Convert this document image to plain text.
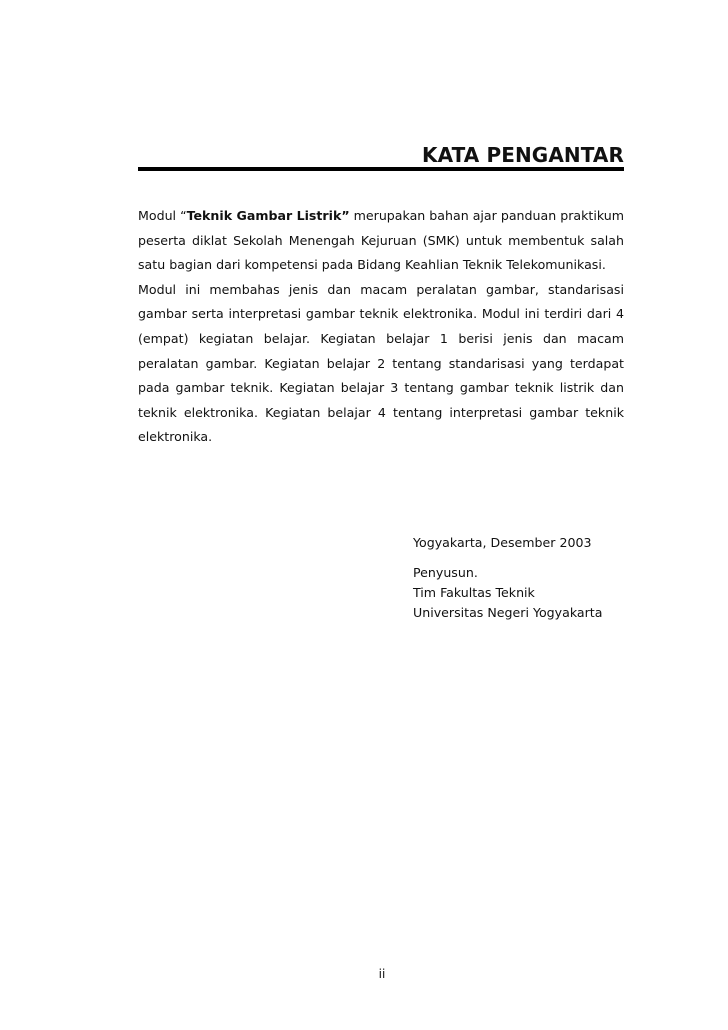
KATA PENGANTAR

Modul “Teknik Gambar Listrik” merupakan bahan ajar panduan praktikum peserta diklat Sekolah Menengah Kejuruan (SMK) untuk membentuk salah satu bagian dari kompetensi pada Bidang Keahlian Teknik Telekomunikasi.

Modul ini membahas jenis dan macam peralatan gambar, standarisasi gambar serta interpretasi gambar teknik elektronika. Modul ini terdiri dari 4 (empat) kegiatan belajar. Kegiatan belajar 1 berisi jenis dan macam peralatan gambar. Kegiatan belajar 2 tentang standarisasi yang terdapat pada gambar teknik. Kegiatan belajar 3 tentang gambar teknik listrik dan teknik elektronika. Kegiatan belajar 4 tentang interpretasi gambar teknik elektronika.

Yogyakarta, Desember 2003
Penyusun.
Tim Fakultas Teknik
Universitas Negeri Yogyakarta
ii
